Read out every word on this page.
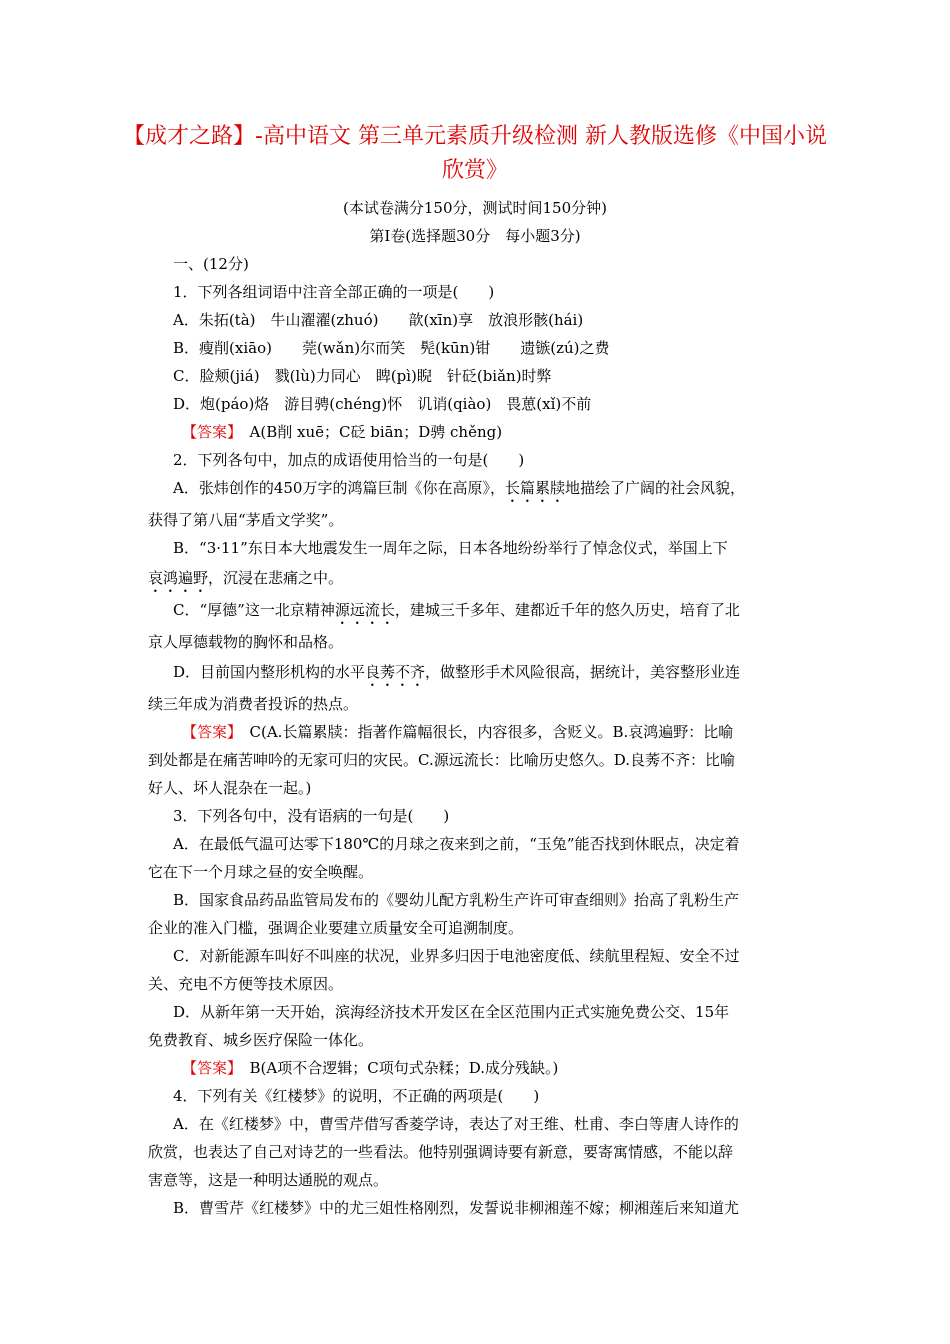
【成才之路】-高中语文 第三单元素质升级检测 新人教版选修《中国小说欣赏》
(本试卷满分150分，测试时间150分钟)
第Ⅰ卷(选择题30分　每小题3分)
一、(12分)
1．下列各组词语中注音全部正确的一项是(　　)
A．朱拓(tà)　牛山濯濯(zhuó)　　歆(xīn)享　放浪形骸(hái)
B．瘦削(xiāo)　　莞(wǎn)尔而笑　髡(kūn)钳　　遗镞(zú)之费
C．脸颊(jiá)　戮(lù)力同心　睥(pì)睨　针砭(biǎn)时弊
D．炮(páo)烙　游目骋(chéng)怀　讥诮(qiào)　畏葸(xǐ)不前
【答案】　A(B削 xuē；C砭 biān；D骋 chěng)
2．下列各句中，加点的成语使用恰当的一句是(　　)
A．张炜创作的450万字的鸿篇巨制《你在高原》，长篇累牍地描绘了广阔的社会风貌，
获得了第八届“茅盾文学奖”。
B．“3·11”东日本大地震发生一周年之际，日本各地纷纷举行了悼念仪式，举国上下
哀鸿遍野，沉浸在悲痛之中。
C．“厚德”这一北京精神源远流长，建城三千多年、建都近千年的悠久历史，培育了北
京人厚德载物的胸怀和品格。
D．目前国内整形机构的水平良莠不齐，做整形手术风险很高，据统计，美容整形业连
续三年成为消费者投诉的热点。
【答案】　C(A.长篇累牍：指著作篇幅很长，内容很多，含贬义。B.哀鸿遍野：比喻
到处都是在痛苦呻吟的无家可归的灾民。C.源远流长：比喻历史悠久。D.良莠不齐：比喻
好人、坏人混杂在一起。)
3．下列各句中，没有语病的一句是(　　)
A．在最低气温可达零下180℃的月球之夜来到之前，“玉兔”能否找到休眠点，决定着
它在下一个月球之昼的安全唤醒。
B．国家食品药品监管局发布的《婴幼儿配方乳粉生产许可审查细则》抬高了乳粉生产
企业的准入门槛，强调企业要建立质量安全可追溯制度。
C．对新能源车叫好不叫座的状况，业界多归因于电池密度低、续航里程短、安全不过
关、充电不方便等技术原因。
D．从新年第一天开始，滨海经济技术开发区在全区范围内正式实施免费公交、15年
免费教育、城乡医疗保险一体化。
【答案】　B(A项不合逻辑；C项句式杂糅；D.成分残缺。)
4．下列有关《红楼梦》的说明，不正确的两项是(　　)
A．在《红楼梦》中，曹雪芹借写香菱学诗，表达了对王维、杜甫、李白等唐人诗作的
欣赏，也表达了自己对诗艺的一些看法。他特别强调诗要有新意，要寄寓情感，不能以辞
害意等，这是一种明达通脱的观点。
B．曹雪芹《红楼梦》中的尤三姐性格刚烈，发誓说非柳湘莲不嫁；柳湘莲后来知道尤
